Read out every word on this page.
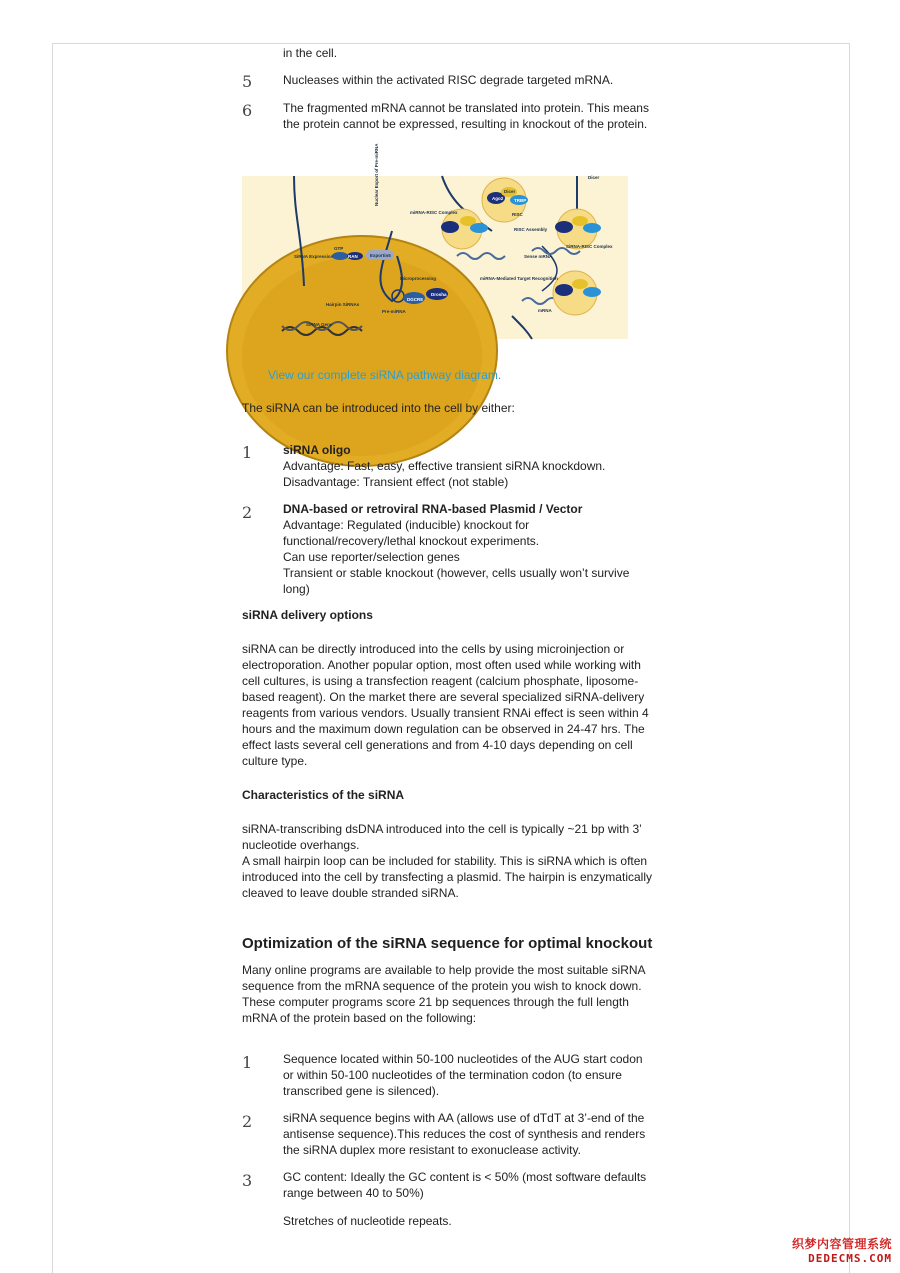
in the cell.
5	Nucleases within the activated RISC degrade targeted mRNA.
6	The fragmented mRNA cannot be translated into protein. This means the protein cannot be expressed, resulting in knockout of the protein.
SiRNA Expression
Nuclear Export of Pre-miRNA
GTP
RAN	Exportin5
Microprocessing
Drosha
DGCR8
Hairpin SiRNAs
Pre-miRNA
SiRNA Gene
miRNA-RISC Complex
miRNA-Mediated Target Recognition
RISC
RISC Assembly
Sense mRNA
SiRNA-RISC Complex
mRNA
Ago2
Dicer
TRBP
Dicer
View our complete siRNA pathway diagram.
The siRNA can be introduced into the cell by either:
1	siRNA oligo
Advantage: Fast, easy, effective transient siRNA knockdown.
Disadvantage: Transient effect (not stable)
2	DNA-based or retroviral RNA-based Plasmid / Vector
Advantage: Regulated (inducible) knockout for functional/recovery/lethal knockout experiments.
Can use reporter/selection genes
Transient or stable knockout (however, cells usually won’t survive long)
siRNA delivery options
siRNA can be directly introduced into the cells by using microinjection or electroporation. Another popular option, most often used while working with cell cultures, is using a transfection reagent (calcium phosphate, liposome-based reagent). On the market there are several specialized siRNA-delivery reagents from various vendors. Usually transient RNAi effect is seen within 4 hours and the maximum down regulation can be observed in 24-47 hrs. The effect lasts several cell generations and from 4-10 days depending on cell culture type.
Characteristics of the siRNA
siRNA-transcribing dsDNA introduced into the cell is typically ~21 bp with 3’ nucleotide overhangs.
A small hairpin loop can be included for stability. This is siRNA which is often introduced into the cell by transfecting a plasmid. The hairpin is enzymatically cleaved to leave double stranded siRNA.
Optimization of the siRNA sequence for optimal knockout
Many online programs are available to help provide the most suitable siRNA sequence from the mRNA sequence of the protein you wish to knock down. These computer programs score 21 bp sequences through the full length mRNA of the protein based on the following:
1	Sequence located within 50-100 nucleotides of the AUG start codon or within 50-100 nucleotides of the termination codon (to ensure transcribed gene is silenced).
2	siRNA sequence begins with AA (allows use of dTdT at 3’-end of the antisense sequence).This reduces the cost of synthesis and renders the siRNA duplex more resistant to exonuclease activity.
3	GC content: Ideally the GC content is < 50% (most software defaults range between 40 to 50%)
Stretches of nucleotide repeats.
织梦内容管理系统
DEDECMS.COM
